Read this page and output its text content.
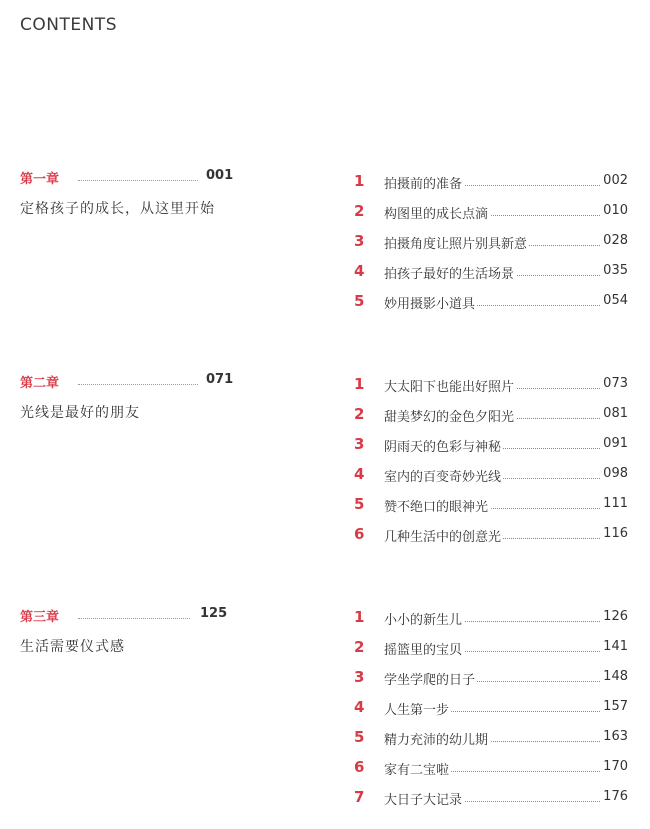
CONTENTS
第一章	001
定格孩子的成长，从这里开始
1	拍摄前的准备	002
2	构图里的成长点滴	010
3	拍摄角度让照片别具新意	028
4	拍孩子最好的生活场景	035
5	妙用摄影小道具	054
第二章	071
光线是最好的朋友
1	大太阳下也能出好照片	073
2	甜美梦幻的金色夕阳光	081
3	阴雨天的色彩与神秘	091
4	室内的百变奇妙光线	098
5	赞不绝口的眼神光	111
6	几种生活中的创意光	116
第三章	125
生活需要仪式感
1	小小的新生儿	126
2	摇篮里的宝贝	141
3	学坐学爬的日子	148
4	人生第一步	157
5	精力充沛的幼儿期	163
6	家有二宝啦	170
7	大日子大记录	176
